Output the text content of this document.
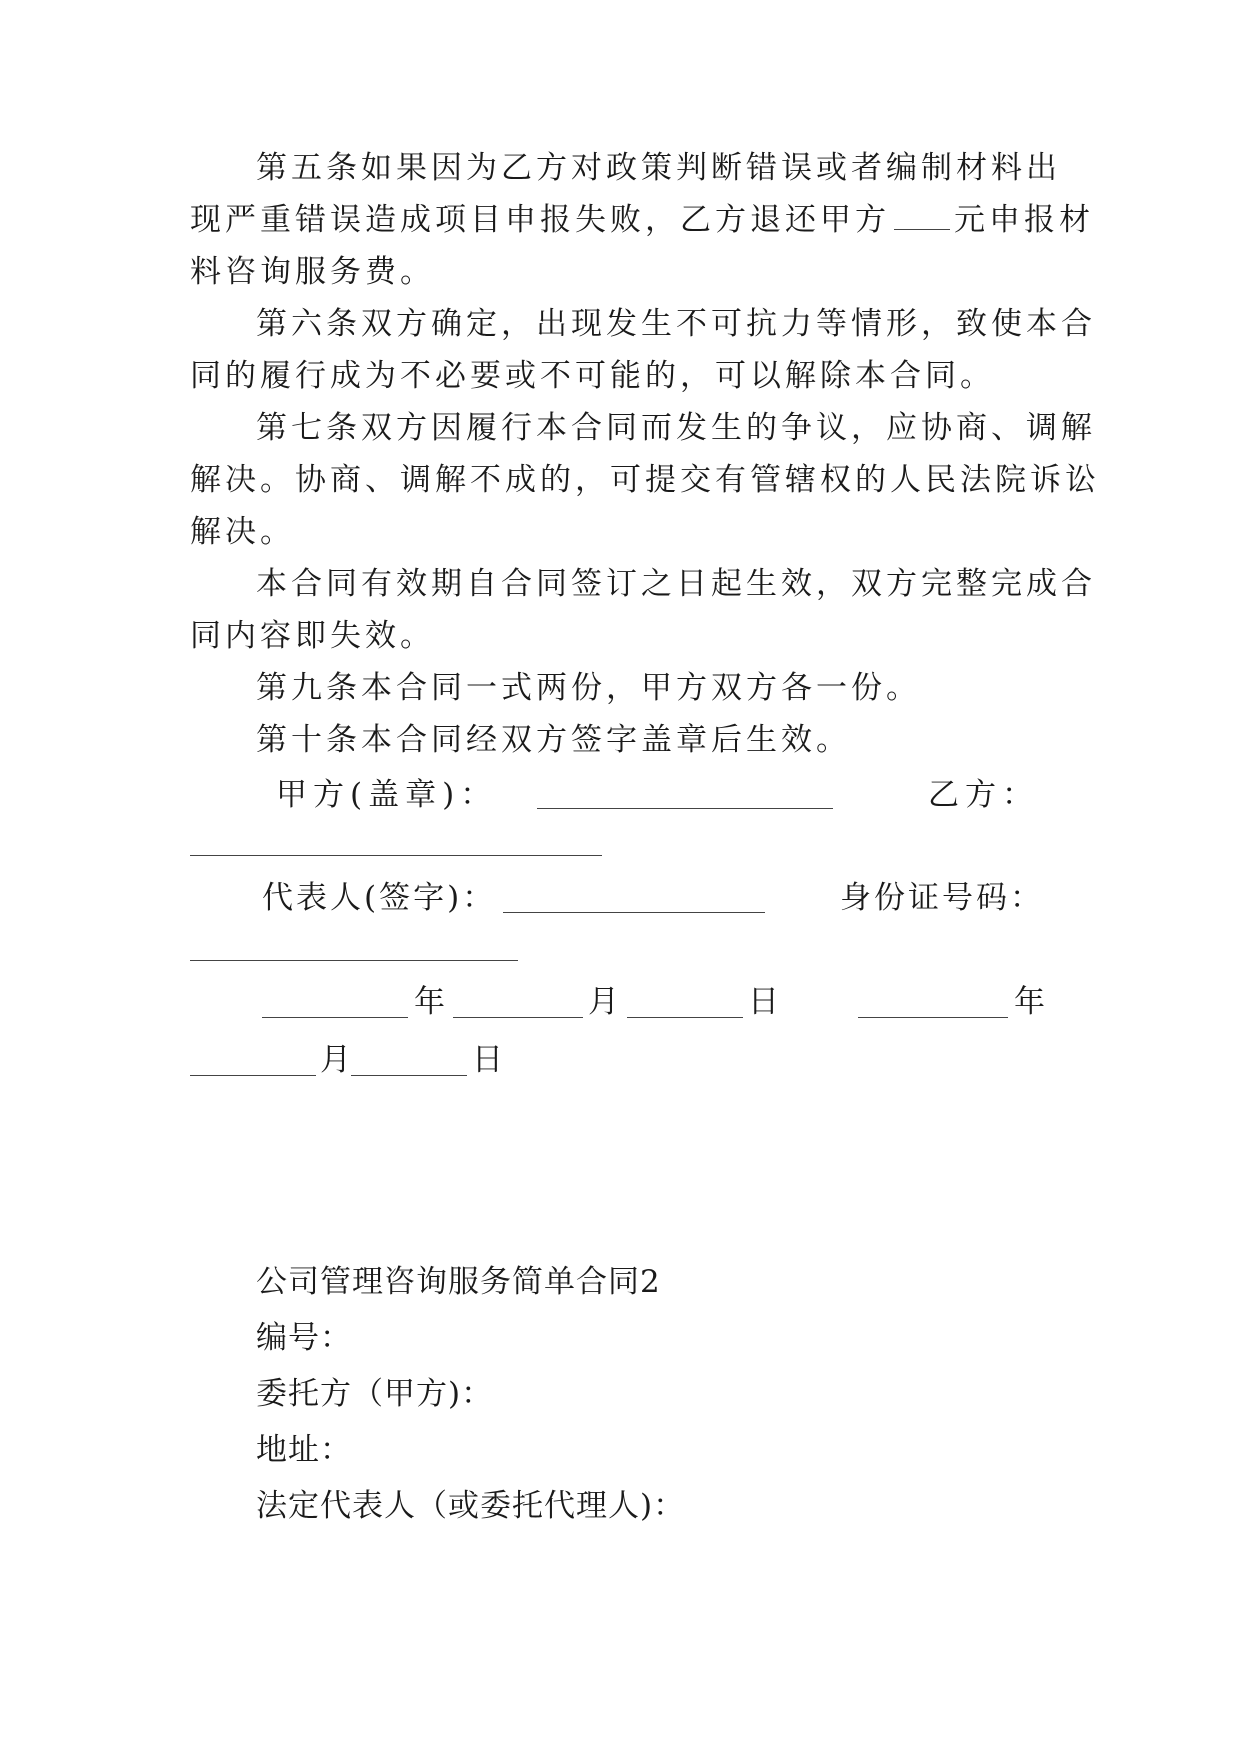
第五条如果因为乙方对政策判断错误或者编制材料出
现严重错误造成项目申报失败，乙方退还甲方 元申报材
料咨询服务费。
第六条双方确定，出现发生不可抗力等情形，致使本合
同的履行成为不必要或不可能的，可以解除本合同。
第七条双方因履行本合同而发生的争议，应协商、调解
解决。协商、调解不成的，可提交有管辖权的人民法院诉讼
解决。
本合同有效期自合同签订之日起生效，双方完整完成合
同内容即失效。
第九条本合同一式两份，甲方双方各一份。
第十条本合同经双方签字盖章后生效。
甲方(盖章)：	乙方：
代表人(签字)：	身份证号码：
年	月	日	年
月	日
公司管理咨询服务简单合同2
编号：
委托方（甲方)：
地址：
法定代表人（或委托代理人)：
